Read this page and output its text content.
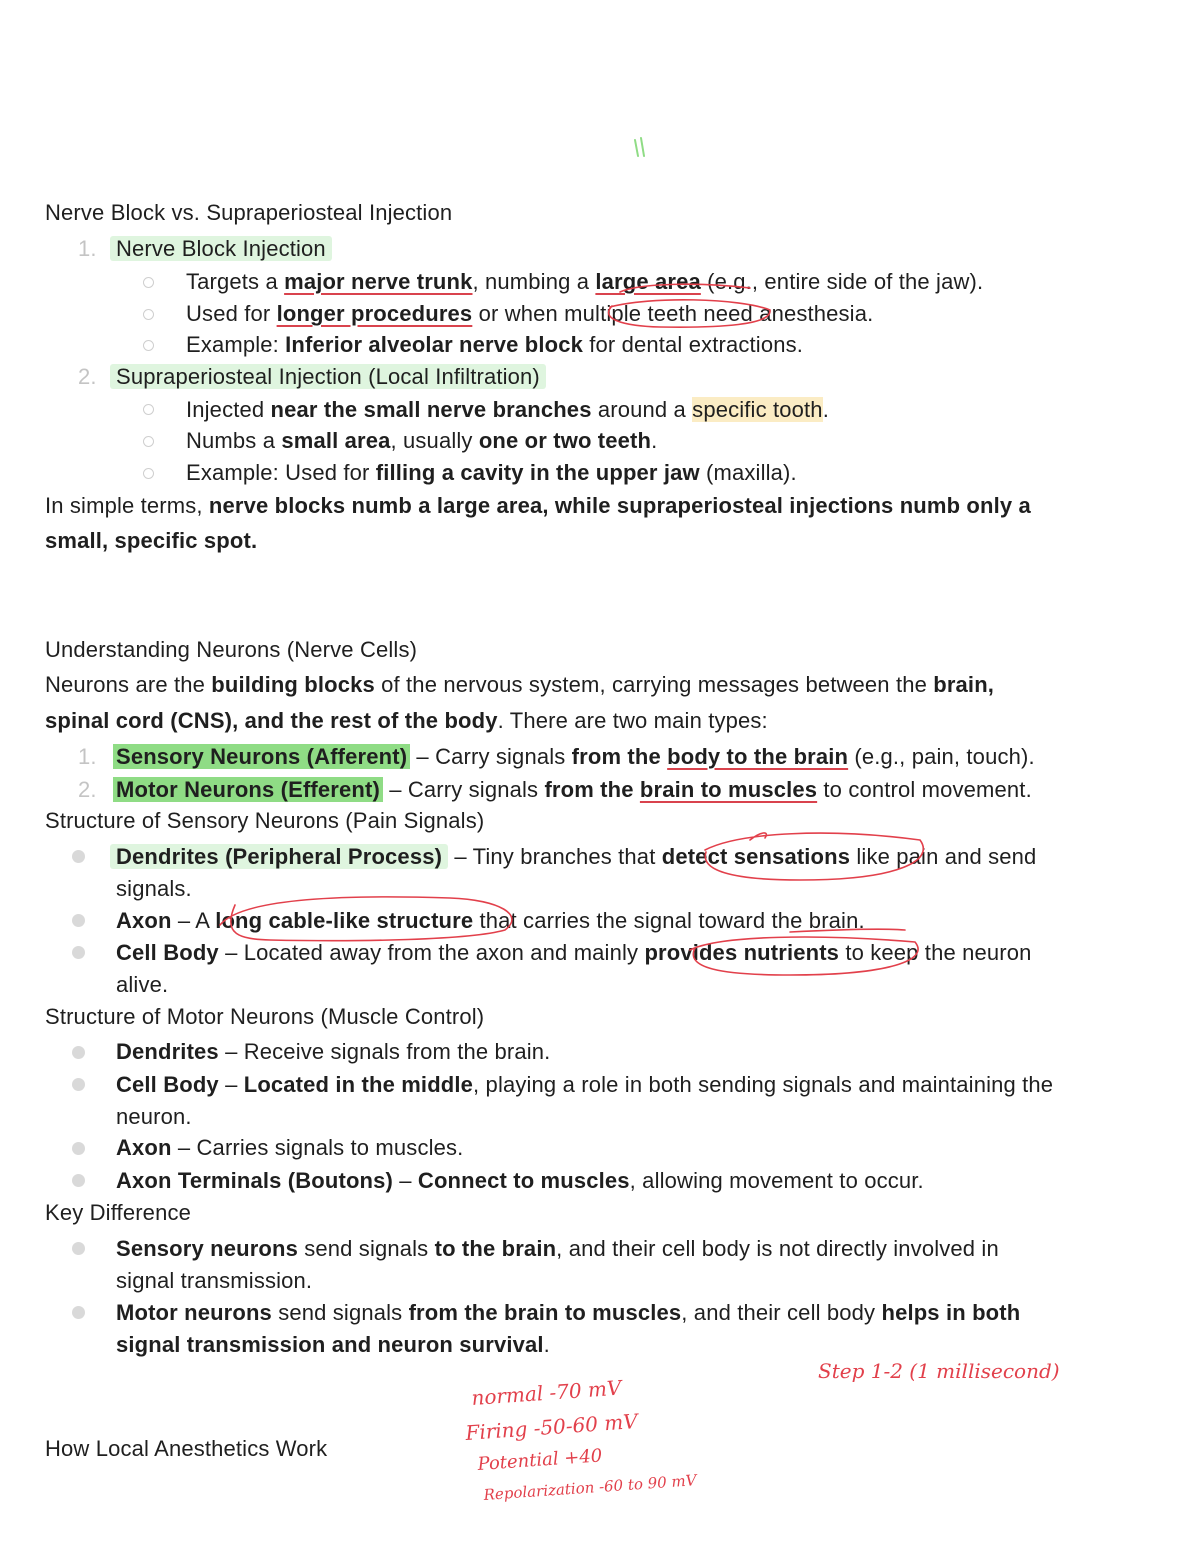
Nerve Block vs. Supraperiosteal Injection
1. Nerve Block Injection
Targets a major nerve trunk, numbing a large area (e.g., entire side of the jaw).
Used for longer procedures or when multiple teeth need anesthesia.
Example: Inferior alveolar nerve block for dental extractions.
2. Supraperiosteal Injection (Local Infiltration)
Injected near the small nerve branches around a specific tooth.
Numbs a small area, usually one or two teeth.
Example: Used for filling a cavity in the upper jaw (maxilla).
In simple terms, nerve blocks numb a large area, while supraperiosteal injections numb only a
small, specific spot.
Understanding Neurons (Nerve Cells)
Neurons are the building blocks of the nervous system, carrying messages between the brain,
spinal cord (CNS), and the rest of the body. There are two main types:
1. Sensory Neurons (Afferent) – Carry signals from the body to the brain (e.g., pain, touch).
2. Motor Neurons (Efferent) – Carry signals from the brain to muscles to control movement.
Structure of Sensory Neurons (Pain Signals)
Dendrites (Peripheral Process) – Tiny branches that detect sensations like pain and send
signals.
Axon – A long cable-like structure that carries the signal toward the brain.
Cell Body – Located away from the axon and mainly provides nutrients to keep the neuron
alive.
Structure of Motor Neurons (Muscle Control)
Dendrites – Receive signals from the brain.
Cell Body – Located in the middle, playing a role in both sending signals and maintaining the
neuron.
Axon – Carries signals to muscles.
Axon Terminals (Boutons) – Connect to muscles, allowing movement to occur.
Key Difference
Sensory neurons send signals to the brain, and their cell body is not directly involved in
signal transmission.
Motor neurons send signals from the brain to muscles, and their cell body helps in both
signal transmission and neuron survival.
How Local Anesthetics Work
Step 1-2 (1 millisecond)
normal -70 mV
Firing -50-60 mV
Potential +40
Repolarization -60 to 90 mV
